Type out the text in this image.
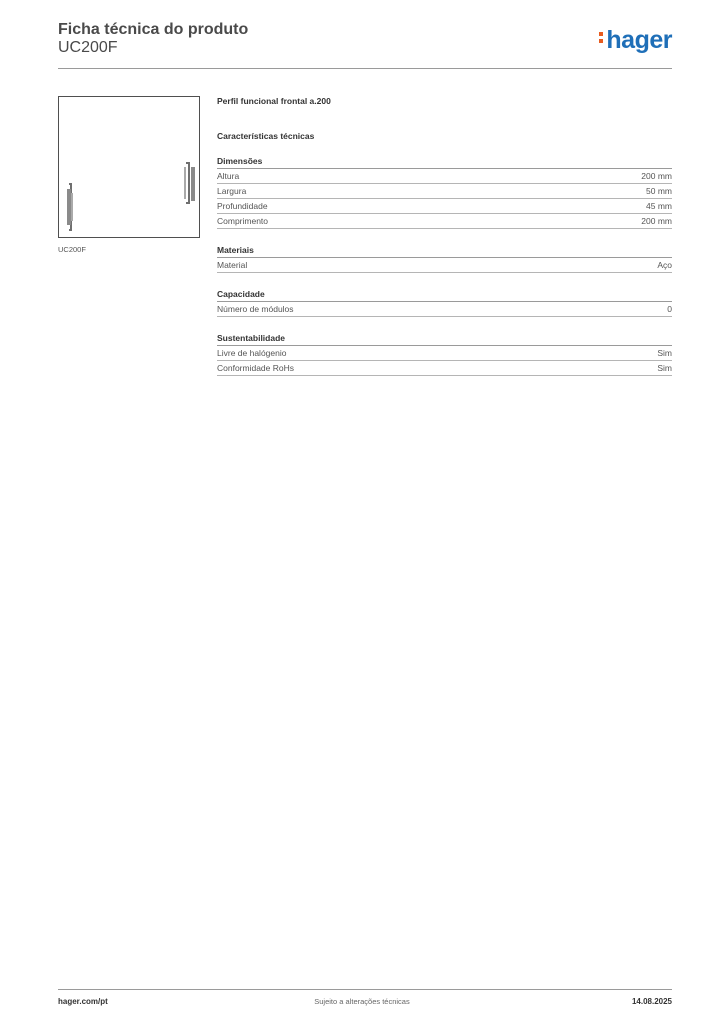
Ficha técnica do produto
UC200F	hager
UC200F
Perfil funcional frontal a.200
Características técnicas
Dimensões
Altura	200 mm
Largura	50 mm
Profundidade	45 mm
Comprimento	200 mm
Materiais
Material	Aço
Capacidade
Número de módulos	0
Sustentabilidade
Livre de halógenio	Sim
Conformidade RoHs	Sim
hager.com/pt	Sujeito a alterações técnicas	14.08.2025
